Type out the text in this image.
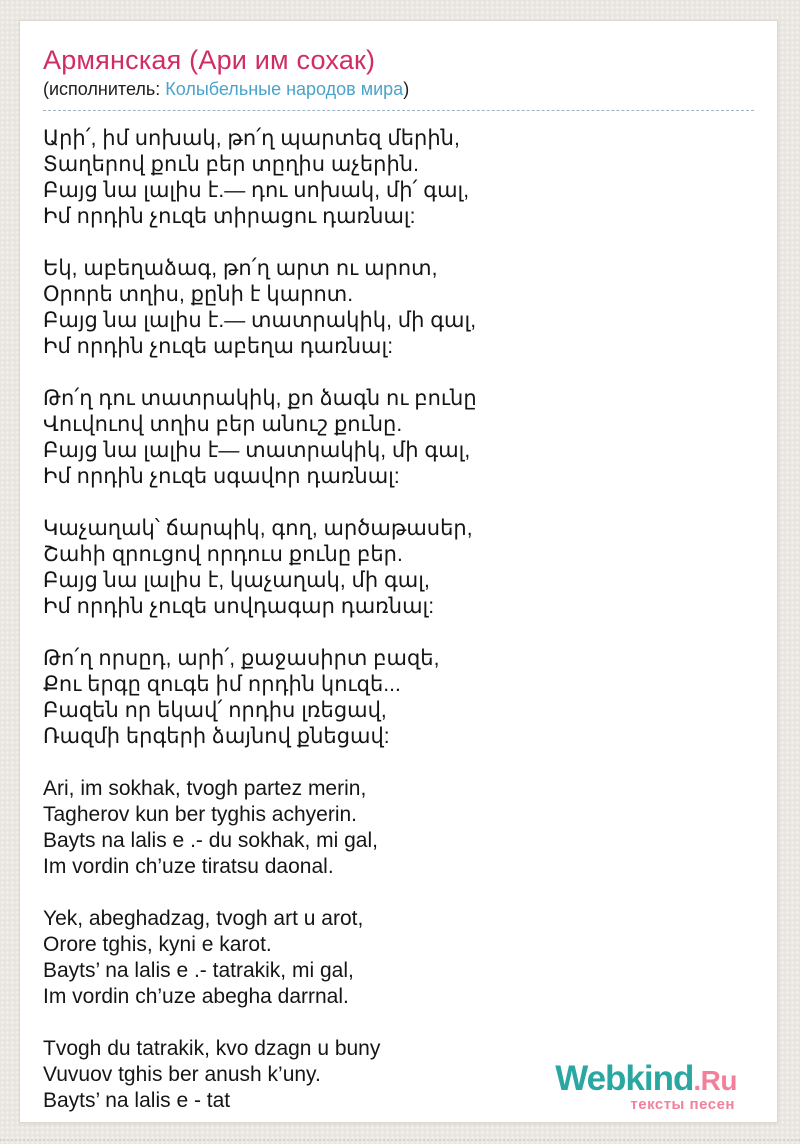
Армянская (Ари им сохак)
(исполнитель: Колыбельные народов мира)
Արի՛, իմ սոխակ, թո՛ղ պարտեզ մերին,
Տաղերով քուն բեր տըղիս աչերին.
Բայց նա լալիս է.— դու սոխակ, մի՛ գալ,
Իմ որդին չուզե տիրացու դառնալ:
Եկ, աբեղաձագ, թո՛ղ արտ ու արոտ,
Օրորե տղիս, քընի է կարոտ.
Բայց նա լալիս է.— տատրակիկ, մի գալ,
Իմ որդին չուզե աբեղա դառնալ:
Թո՛ղ դու տատրակիկ, քո ձագն ու բունը
Վուվուով տղիս բեր անուշ քունը.
Բայց նա լալիս է— տատրակիկ, մի գալ,
Իմ որդին չուզե սգավոր դառնալ:
Կաչաղակ՝ ճարպիկ, գող, արծաթասեր,
Շահի զրուցով որդուս քունը բեր.
Բայց նա լալիս է, կաչաղակ, մի գալ,
Իմ որդին չուզե սովդագար դառնալ:
Թո՛ղ որսըդ, արի՛, քաջասիրտ բազե,
Քու երգը զուգե իմ որդին կուզե...
Բազեն որ եկավ՛ որդիս լռեցավ,
Ռազմի երգերի ձայնով քնեցավ:
Ari, im sokhak, tvogh partez merin,
Tagherov kun ber tyghis achyerin.
Bayts na lalis e .- du sokhak, mi gal,
Im vordin ch’uze tiratsu daonal.
Yek, abeghadzag, tvogh art u arot,
Orore tghis, kyni e karot.
Bayts’ na lalis e .- tatrakik, mi gal,
Im vordin ch’uze abegha darrnal.
Tvogh du tatrakik, kvo dzagn u buny
Vuvuov tghis ber anush k’uny.
Bayts’ na lalis e - tat
Webkind.Ru
тексты песен
